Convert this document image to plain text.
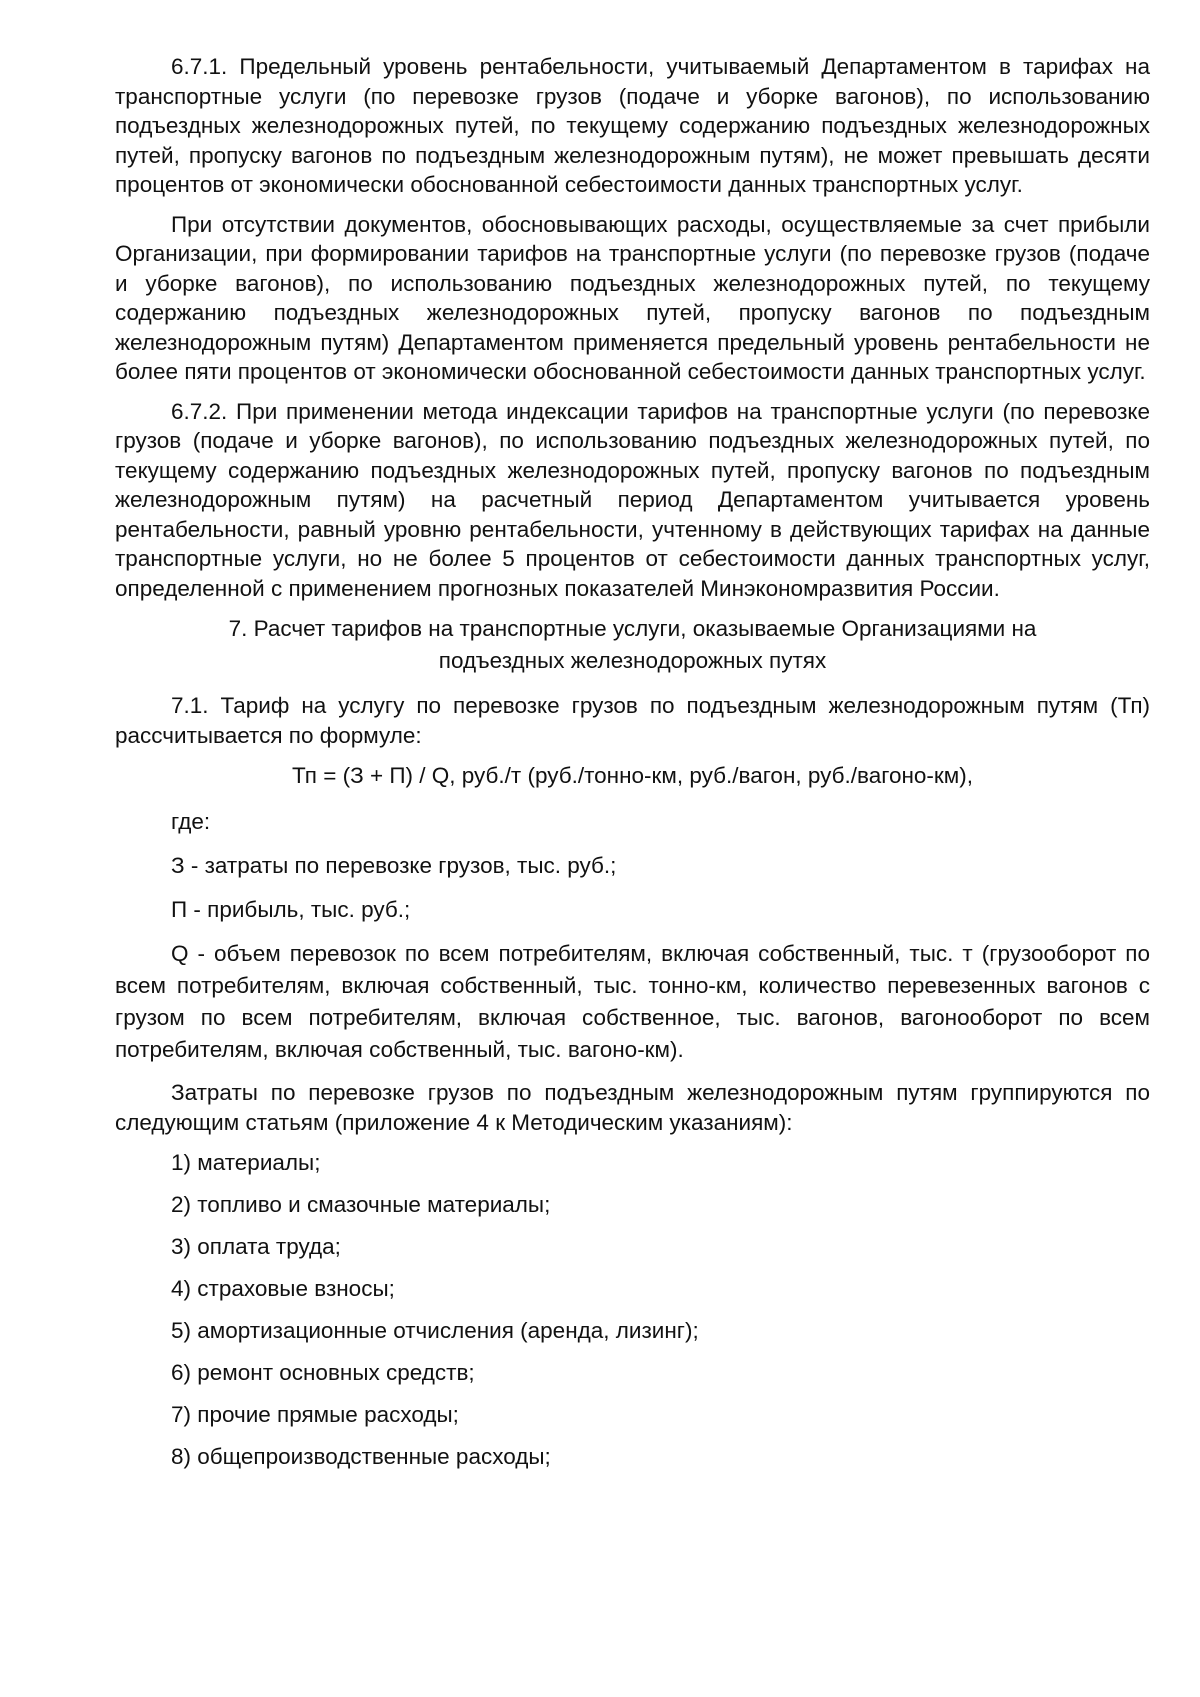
6.7.1. Предельный уровень рентабельности, учитываемый Департаментом в тарифах на транспортные услуги (по перевозке грузов (подаче и уборке вагонов), по использованию подъездных железнодорожных путей, по текущему содержанию подъездных железнодорожных путей, пропуску вагонов по подъездным железнодорожным путям), не может превышать десяти процентов от экономически обоснованной себестоимости данных транспортных услуг.

При отсутствии документов, обосновывающих расходы, осуществляемые за счет прибыли Организации, при формировании тарифов на транспортные услуги (по перевозке грузов (подаче и уборке вагонов), по использованию подъездных железнодорожных путей, по текущему содержанию подъездных железнодорожных путей, пропуску вагонов по подъездным железнодорожным путям) Департаментом применяется предельный уровень рентабельности не более пяти процентов от экономически обоснованной себестоимости данных транспортных услуг.

6.7.2. При применении метода индексации тарифов на транспортные услуги (по перевозке грузов (подаче и уборке вагонов), по использованию подъездных железнодорожных путей, по текущему содержанию подъездных железнодорожных путей, пропуску вагонов по подъездным железнодорожным путям) на расчетный период Департаментом учитывается уровень рентабельности, равный уровню рентабельности, учтенному в действующих тарифах на данные транспортные услуги, но не более 5 процентов от себестоимости данных транспортных услуг, определенной с применением прогнозных показателей Минэкономразвития России.

7. Расчет тарифов на транспортные услуги, оказываемые Организациями на
подъездных железнодорожных путях

7.1. Тариф на услугу по перевозке грузов по подъездным железнодорожным путям (Тп) рассчитывается по формуле:

Тп = (З + П) / Q, руб./т (руб./тонно-км, руб./вагон, руб./вагоно-км),
где:
З - затраты по перевозке грузов, тыс. руб.;
П - прибыль, тыс. руб.;

Q - объем перевозок по всем потребителям, включая собственный, тыс. т (грузооборот по всем потребителям, включая собственный, тыс. тонно-км, количество перевезенных вагонов с грузом по всем потребителям, включая собственное, тыс. вагонов, вагонооборот по всем потребителям, включая собственный, тыс. вагоно-км).

Затраты по перевозке грузов по подъездным железнодорожным путям группируются по следующим статьям (приложение 4 к Методическим указаниям):

1) материалы;
2) топливо и смазочные материалы;
3) оплата труда;
4) страховые взносы;
5) амортизационные отчисления (аренда, лизинг);
6) ремонт основных средств;
7) прочие прямые расходы;
8) общепроизводственные расходы;
